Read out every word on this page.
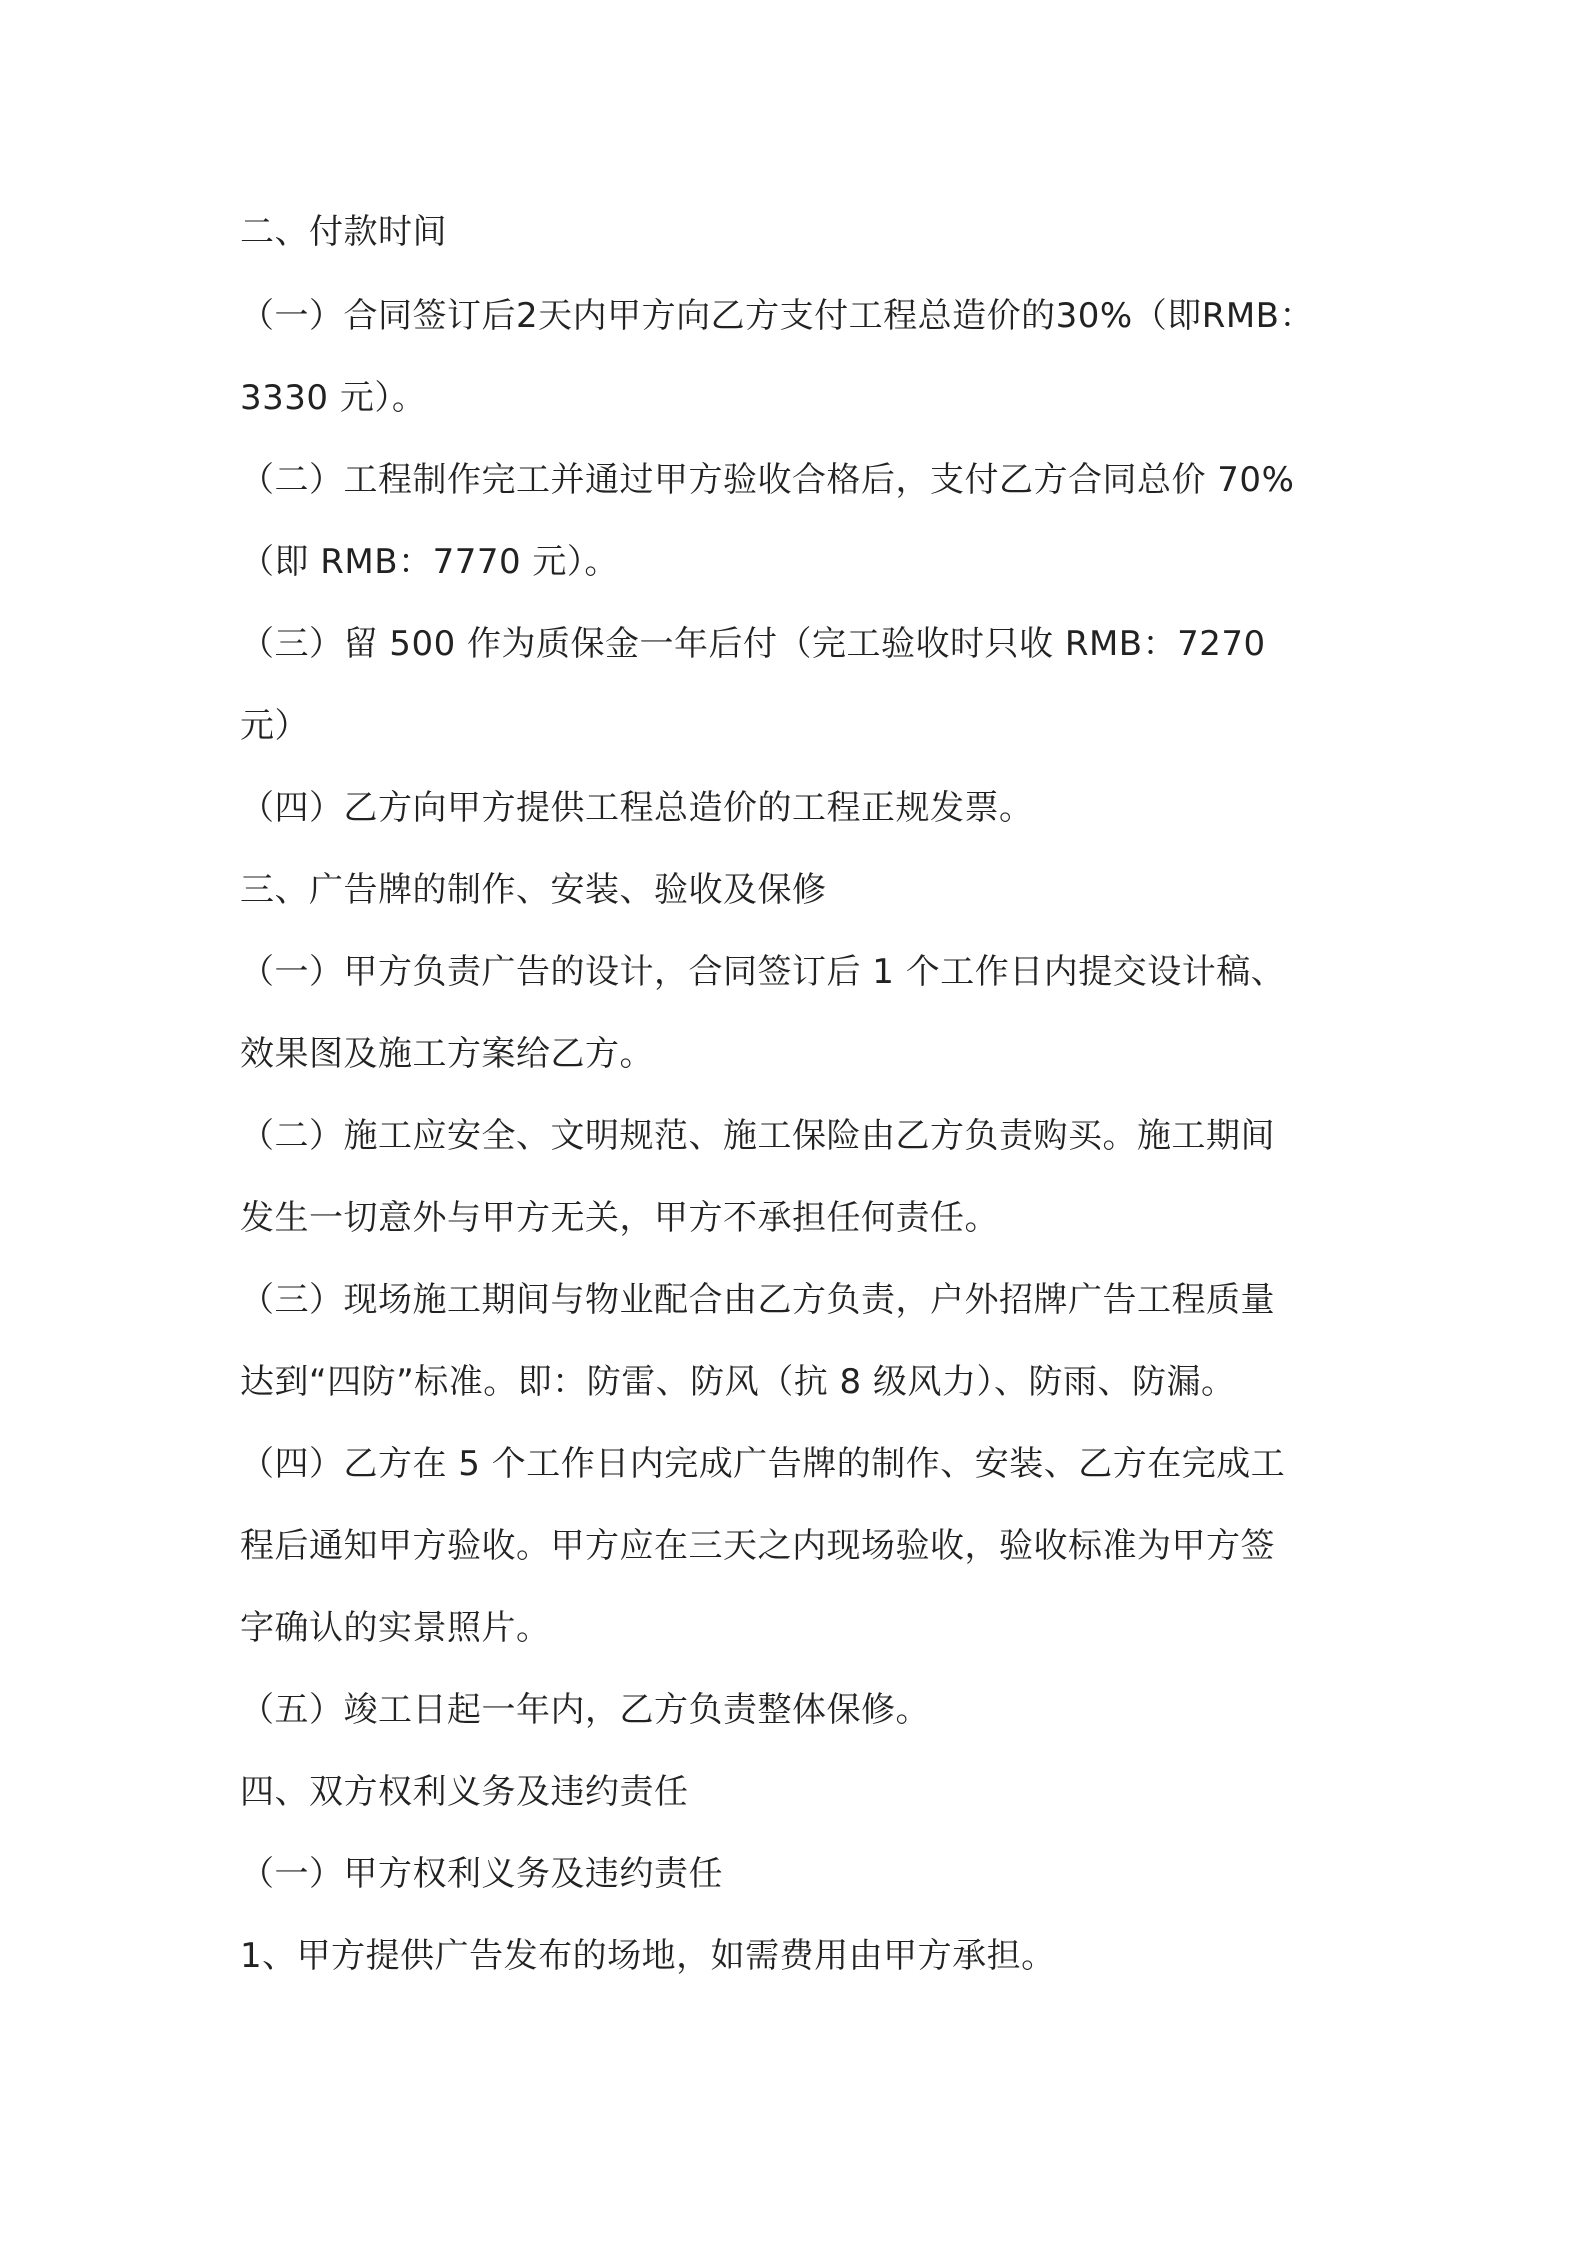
二、付款时间
（一）合同签订后2天内甲方向乙方支付工程总造价的30%（即RMB：
3330 元）。
（二）工程制作完工并通过甲方验收合格后，支付乙方合同总价 70%
（即 RMB：7770 元）。
（三）留 500 作为质保金一年后付（完工验收时只收 RMB：7270
元）
（四）乙方向甲方提供工程总造价的工程正规发票。
三、广告牌的制作、安装、验收及保修
（一）甲方负责广告的设计，合同签订后 1 个工作日内提交设计稿、
效果图及施工方案给乙方。
（二）施工应安全、文明规范、施工保险由乙方负责购买。施工期间
发生一切意外与甲方无关，甲方不承担任何责任。
（三）现场施工期间与物业配合由乙方负责，户外招牌广告工程质量
达到“四防”标准。即：防雷、防风（抗 8 级风力）、防雨、防漏。
（四）乙方在 5 个工作日内完成广告牌的制作、安装、乙方在完成工
程后通知甲方验收。甲方应在三天之内现场验收，验收标准为甲方签
字确认的实景照片。
（五）竣工日起一年内，乙方负责整体保修。
四、双方权利义务及违约责任
（一）甲方权利义务及违约责任
1、甲方提供广告发布的场地，如需费用由甲方承担。
